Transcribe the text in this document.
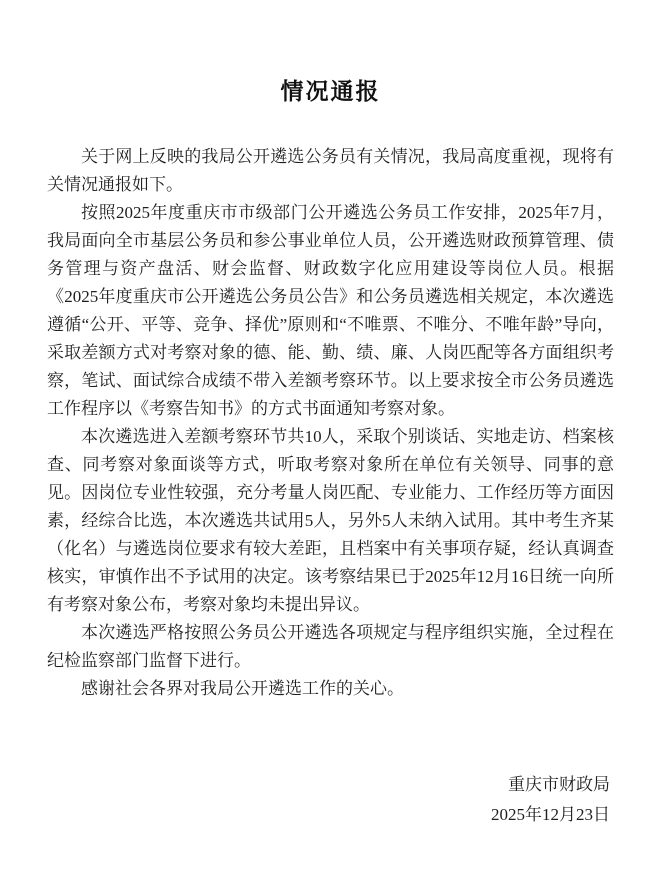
情况通报

关于网上反映的我局公开遴选公务员有关情况，我局高度重视，现将有关情况通报如下。

按照2025年度重庆市市级部门公开遴选公务员工作安排，2025年7月，我局面向全市基层公务员和参公事业单位人员，公开遴选财政预算管理、债务管理与资产盘活、财会监督、财政数字化应用建设等岗位人员。根据《2025年度重庆市公开遴选公务员公告》和公务员遴选相关规定，本次遴选遵循“公开、平等、竞争、择优”原则和“不唯票、不唯分、不唯年龄”导向，采取差额方式对考察对象的德、能、勤、绩、廉、人岗匹配等各方面组织考察，笔试、面试综合成绩不带入差额考察环节。以上要求按全市公务员遴选工作程序以《考察告知书》的方式书面通知考察对象。

本次遴选进入差额考察环节共10人，采取个别谈话、实地走访、档案核查、同考察对象面谈等方式，听取考察对象所在单位有关领导、同事的意见。因岗位专业性较强，充分考量人岗匹配、专业能力、工作经历等方面因素，经综合比选，本次遴选共试用5人，另外5人未纳入试用。其中考生齐某（化名）与遴选岗位要求有较大差距，且档案中有关事项存疑，经认真调查核实，审慎作出不予试用的决定。该考察结果已于2025年12月16日统一向所有考察对象公布，考察对象均未提出异议。

本次遴选严格按照公务员公开遴选各项规定与程序组织实施，全过程在纪检监察部门监督下进行。

感谢社会各界对我局公开遴选工作的关心。

重庆市财政局
2025年12月23日
